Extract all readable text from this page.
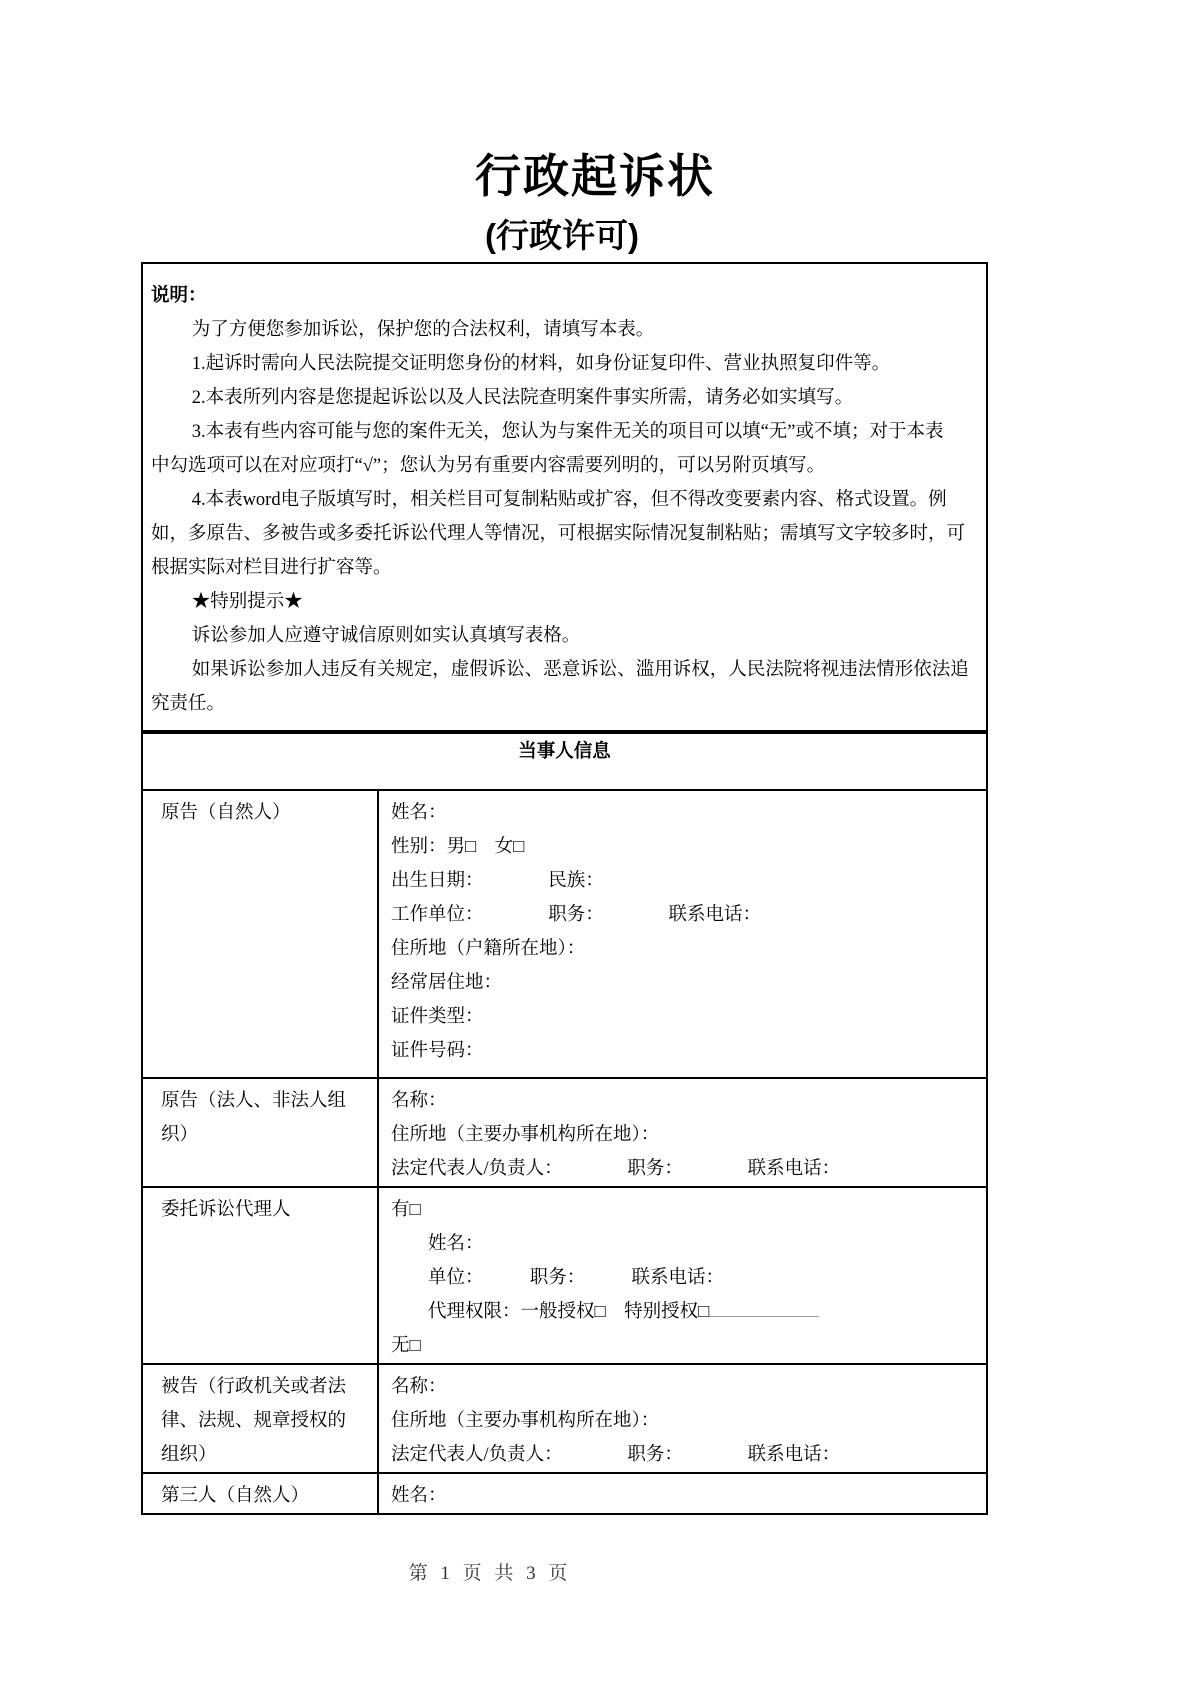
行政起诉状
(行政许可)
说明：
为了方便您参加诉讼，保护您的合法权利，请填写本表。
1.起诉时需向人民法院提交证明您身份的材料，如身份证复印件、营业执照复印件等。
2.本表所列内容是您提起诉讼以及人民法院查明案件事实所需，请务必如实填写。
3.本表有些内容可能与您的案件无关，您认为与案件无关的项目可以填“无”或不填；对于本表
中勾选项可以在对应项打“√”；您认为另有重要内容需要列明的，可以另附页填写。
4.本表word电子版填写时，相关栏目可复制粘贴或扩容，但不得改变要素内容、格式设置。例
如，多原告、多被告或多委托诉讼代理人等情况，可根据实际情况复制粘贴；需填写文字较多时，可
根据实际对栏目进行扩容等。
★特别提示★
诉讼参加人应遵守诚信原则如实认真填写表格。
如果诉讼参加人违反有关规定，虚假诉讼、恶意诉讼、滥用诉权，人民法院将视违法情形依法追
究责任。
当事人信息	

原告（自然人）	姓名：
性别：男□　女□
出生日期：　　　　民族：
工作单位：　　　　职务：　　　　联系电话：
住所地（户籍所在地）：
经常居住地：
证件类型：
证件号码：

原告（法人、非法人组
织）

名称：
住所地（主要办事机构所在地）：
法定代表人/负责人：　　　　职务：　　　　联系电话：

委托诉讼代理人	有□
姓名：
单位：　　　职务：　　　联系电话：
代理权限：一般授权□　特别授权□
无□

被告（行政机关或者法
律、法规、规章授权的
组织）

名称：
住所地（主要办事机构所在地）：
法定代表人/负责人：　　　　职务：　　　　联系电话：

第三人（自然人）	姓名：
第 1 页 共 3 页
